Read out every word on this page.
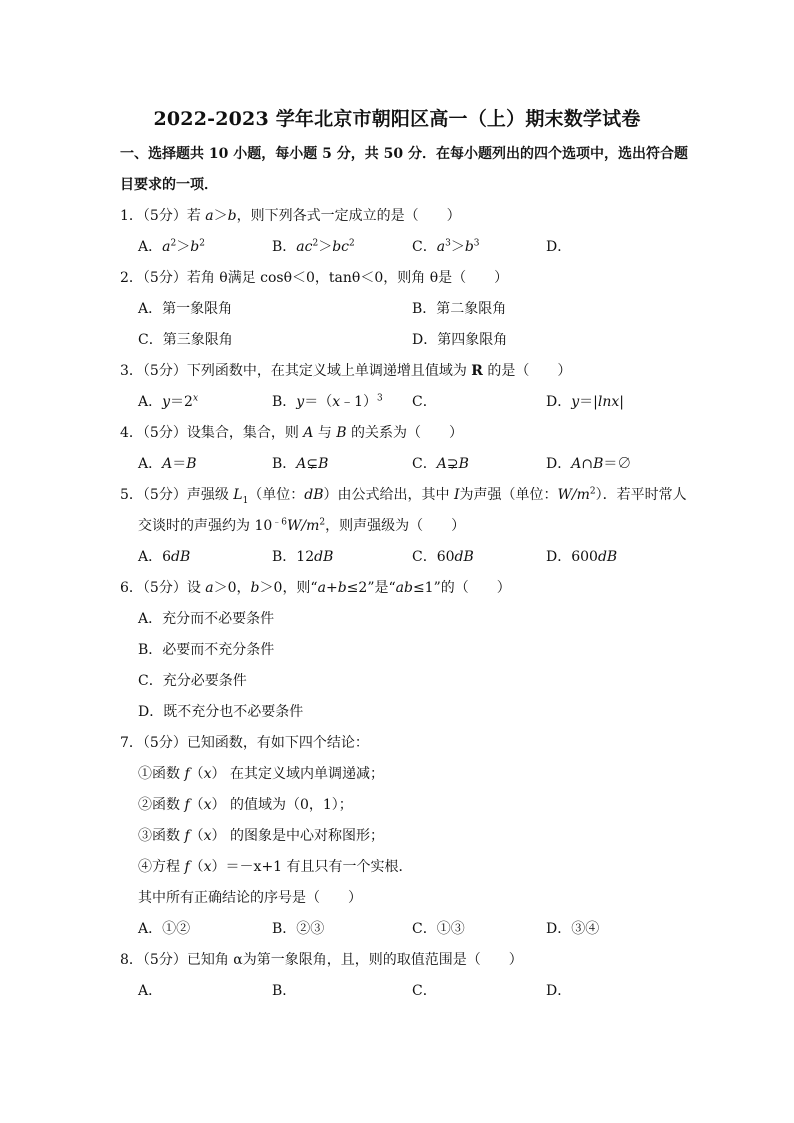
2022-2023 学年北京市朝阳区高一（上）期末数学试卷
一、选择题共 10 小题，每小题 5 分，共 50 分．在每小题列出的四个选项中，选出符合题
目要求的一项．
1．（5分）若 a＞b，则下列各式一定成立的是（　　）
A．$a^2>b^2$	B．$ac^2>bc^2$	C．$a^3>b^3$	D．
2．（5分）若角 θ满足 cosθ＜0，tanθ＜0，则角 θ是（　　）
A．第一象限角	B．第二象限角
C．第三象限角	D．第四象限角
3．（5分）下列函数中，在其定义域上单调递增且值域为 R 的是（　　）
A．$y=2^x$	B．y＝（x﹣1）$^3$ C．	D．y＝|lnx|
4．（5分）设集合，集合，则 A 与 B 的关系为（　　）
A．A＝B	B．A⊊B	C．A⊋B	D．A∩B＝∅
5．（5分）声强级 $L_1$（单位：dB）由公式给出，其中 I为声强（单位：$W/m^2$）．若平时常人
交谈时的声强约为 $10^{﹣6}W/m^2$，则声强级为（　　）
A．6dB	B．12dB	C．60dB	D．600dB
6．（5分）设 a＞0，b＞0，则“a+b≤2”是“ab≤1”的（　　）
A．充分而不必要条件
B．必要而不充分条件
C．充分必要条件
D．既不充分也不必要条件
7．（5分）已知函数，有如下四个结论：
①函数 f（x） 在其定义域内单调递减；
②函数 f（x） 的值域为（0，1）；
③函数 f（x） 的图象是中心对称图形；
④方程 f（x）＝－x+1 有且只有一个实根．
其中所有正确结论的序号是（　　）
A．①②	B．②③	C．①③	D．③④
8．（5分）已知角 α为第一象限角，且，则的取值范围是（　　）
A．	B．	C．	D．
